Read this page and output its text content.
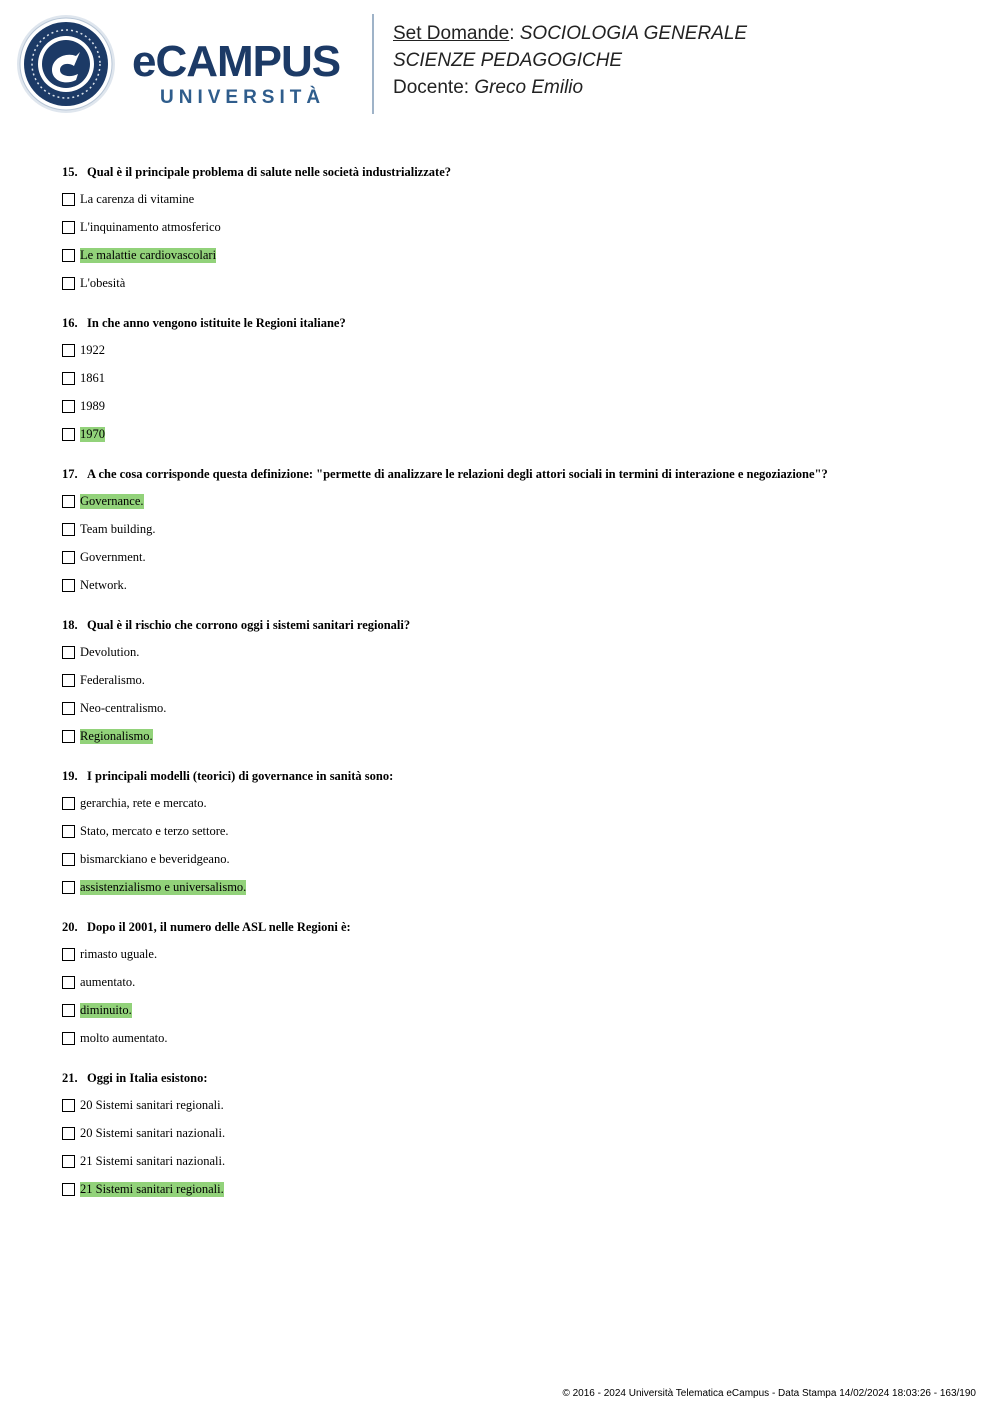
eCAMPUS
UNIVERSITÀ
Set Domande: SOCIOLOGIA GENERALE
SCIENZE PEDAGOGICHE
Docente: Greco Emilio
15. Qual è il principale problema di salute nelle società industrializzate?
La carenza di vitamine
L'inquinamento atmosferico
Le malattie cardiovascolari
L'obesità
16. In che anno vengono istituite le Regioni italiane?
1922
1861
1989
1970
17. A che cosa corrisponde questa definizione: "permette di analizzare le relazioni degli attori sociali in termini di interazione e negoziazione"?
Governance.
Team building.
Government.
Network.
18. Qual è il rischio che corrono oggi i sistemi sanitari regionali?
Devolution.
Federalismo.
Neo-centralismo.
Regionalismo.
19. I principali modelli (teorici) di governance in sanità sono:
gerarchia, rete e mercato.
Stato, mercato e terzo settore.
bismarckiano e beveridgeano.
assistenzialismo e universalismo.
20. Dopo il 2001, il numero delle ASL nelle Regioni è:
rimasto uguale.
aumentato.
diminuito.
molto aumentato.
21. Oggi in Italia esistono:
20 Sistemi sanitari regionali.
20 Sistemi sanitari nazionali.
21 Sistemi sanitari nazionali.
21 Sistemi sanitari regionali.
© 2016 - 2024 Università Telematica eCampus - Data Stampa 14/02/2024 18:03:26 - 163/190
